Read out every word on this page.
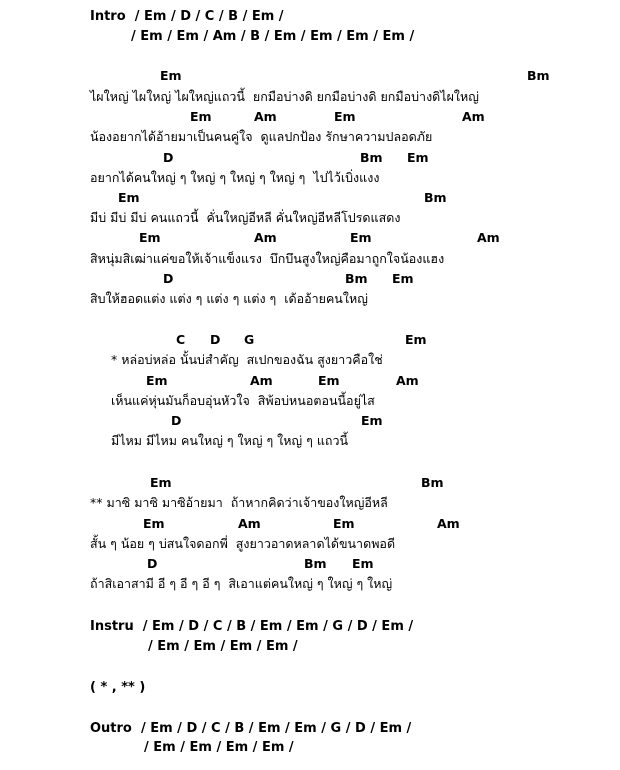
Intro / Em / D / C / B / Em /
/ Em / Em / Am / B / Em / Em / Em / Em /
Em	Bm
ไผใหญ่ ไผใหญ่ ไผใหญ่แถวนี้  ยกมือบ่างดิ ยกมือบ่างดิ ยกมือบ่างดิไผใหญ่
Em	Am	Em	Am
น้องอยากได้อ้ายมาเป็นคนคู่ใจ  ดูแลปกป้อง รักษาความปลอดภัย
D	Bm Em
อยากได้คนใหญ่ ๆ ใหญ่ ๆ ใหญ่ ๆ ใหญ่ ๆ  ไปไว้เบิ่งแงง
Em	Bm
มีบ่ มีบ่ มีบ่ คนแถวนี้  คั่นใหญ่อีหลี คั่นใหญ่อีหลีโปรดแสดง
Em	Am	Em	Am
สิหนุ่มสิเฒ่าแค่ขอให้เจ้าแข็งแรง  บึกบึนสูงใหญ่คือมาถูกใจน้องแฮง
D	Bm Em
สิบให้ฮอดแต่ง แต่ง ๆ แต่ง ๆ แต่ง ๆ  เด้ออ้ายคนใหญ่
C D G	Em
* หล่อบ่หล่อ นั้นบ่สำคัญ  สเปกของฉัน สูงยาวคือใช่
Em	Am	Em	Am
เห็นแค่หุ่นมันก็อบอุ่นหัวใจ  สิพ้อบ่หนอตอนนี้อยู่ไส
D	Em
มีไหม มีไหม คนใหญ่ ๆ ใหญ่ ๆ ใหญ่ ๆ แถวนี้
Em	Bm
** มาซิ มาซิ มาซิอ้ายมา  ถ้าหากคิดว่าเจ้าของใหญ่อีหลี
Em	Am	Em	Am
สั้น ๆ น้อย ๆ บ่สนใจดอกพี่  สูงยาวอาดหลาดได้ขนาดพอดี
D	Bm Em
ถ้าสิเอาสามี อี ๆ อี ๆ อี ๆ  สิเอาแต่คนใหญ่ ๆ ใหญ่ ๆ ใหญ่
Instru / Em / D / C / B / Em / Em / G / D / Em /
/ Em / Em / Em / Em /
( * , ** )
Outro / Em / D / C / B / Em / Em / G / D / Em /
/ Em / Em / Em / Em /
